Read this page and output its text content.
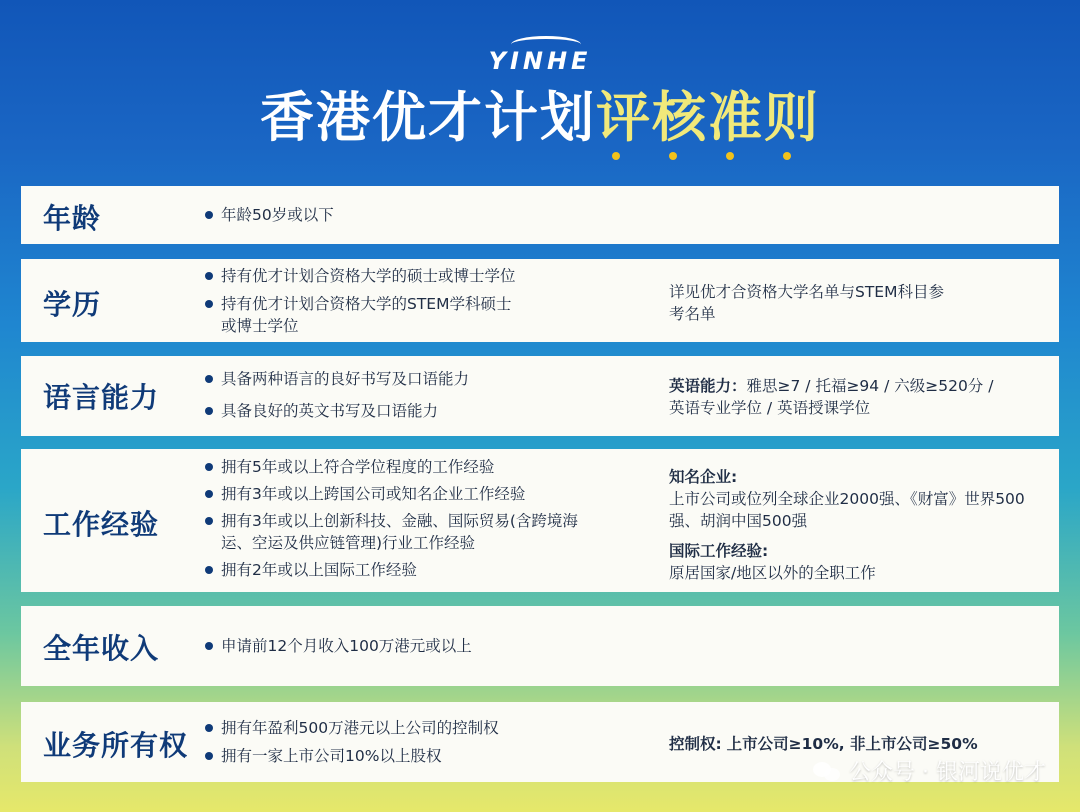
YINHE
香港优才计划评核准则
年龄	年龄50岁或以下
学历
持有优才计划合资格大学的硕士或博士学位
持有优才计划合资格大学的STEM学科硕士
或博士学位
详见优才合资格大学名单与STEM科目参
考名单
语言能力
具备两种语言的良好书写及口语能力
具备良好的英文书写及口语能力
英语能力：雅思≥7 / 托福≥94 / 六级≥520分 /
英语专业学位 / 英语授课学位
工作经验
拥有5年或以上符合学位程度的工作经验
拥有3年或以上跨国公司或知名企业工作经验
拥有3年或以上创新科技、金融、国际贸易(含跨境海
运、空运及供应链管理)行业工作经验
拥有2年或以上国际工作经验
知名企业:
上市公司或位列全球企业2000强、《财富》世界500
强、胡润中国500强
国际工作经验:
原居国家/地区以外的全职工作
全年收入	申请前12个月收入100万港元或以上
业务所有权
拥有年盈利500万港元以上公司的控制权
拥有一家上市公司10%以上股权
控制权: 上市公司≥10%, 非上市公司≥50%
公众号 · 银河说优才
